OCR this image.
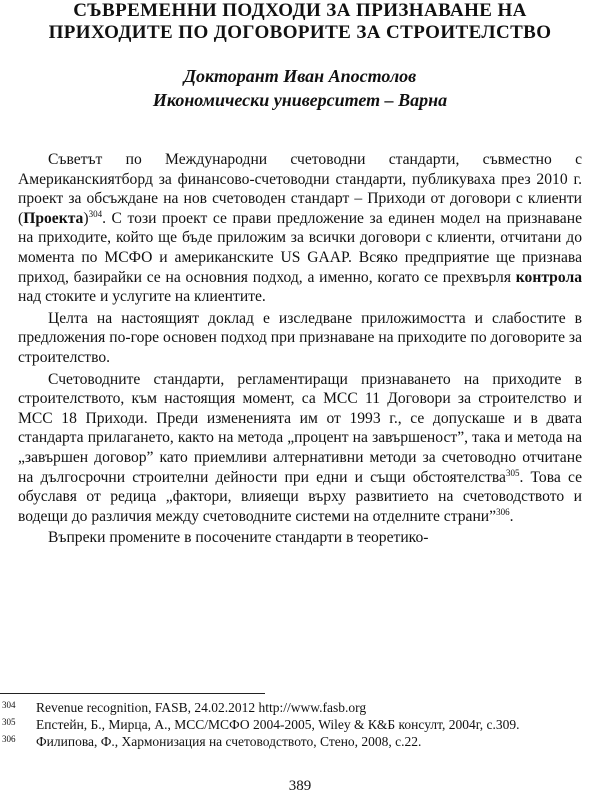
СЪВРЕМЕННИ ПОДХОДИ ЗА ПРИЗНАВАНЕ НА
ПРИХОДИТЕ ПО ДОГОВОРИТЕ ЗА СТРОИТЕЛСТВО
Докторант Иван Апостолов
Икономически университет – Варна

Съветът по Международни счетоводни стандарти, съвместно с Американскиятборд за финансово-счетоводни стандарти, публикуваха през 2010 г. проект за обсъждане на нов счетоводен стандарт – Приходи от договори с клиенти (Проекта)$^{304}$. С този проект се прави предложение за единен модел на признаване на приходите, който ще бъде приложим за всички договори с клиенти, отчитани до момента по МСФО и американските US GAAP. Всяко предприятие ще признава приход, базирайки се на основния подход, а именно, когато се прехвърля контрола над стоките и услугите на клиентите.

Целта на настоящият доклад е изследване приложимостта и слабостите в предложения по-горе основен подход при признаване на приходите по договорите за строителство.

Счетоводните стандарти, регламентиращи признаването на приходите в строителството, към настоящия момент, са МСС 11 Договори за строителство и МСС 18 Приходи. Преди измененията им от 1993 г., се допускаше и в двата стандарта прилагането, както на метода „процент на завършеност”, така и метода на „завършен договор” като приемливи алтернативни методи за счетоводно отчитане на дългосрочни строителни дейности при едни и същи обстоятелства$^{305}$. Това се обуславя от редица „фактори, влияещи върху развитието на счетоводството и водещи до различия между счетоводните системи на отделните страни”$^{306}$.

Въпреки промените в посочените стандарти в теоретико-

304	Revenue recognition, FASB, 24.02.2012 http://www.fasb.org
305	Епстейн, Б., Мирца, А., МСС/МСФО 2004-2005, Wiley & К&Б консулт, 2004г, с.309.
306	Филипова, Ф., Хармонизация на счетоводството, Стено, 2008, с.22.
389
